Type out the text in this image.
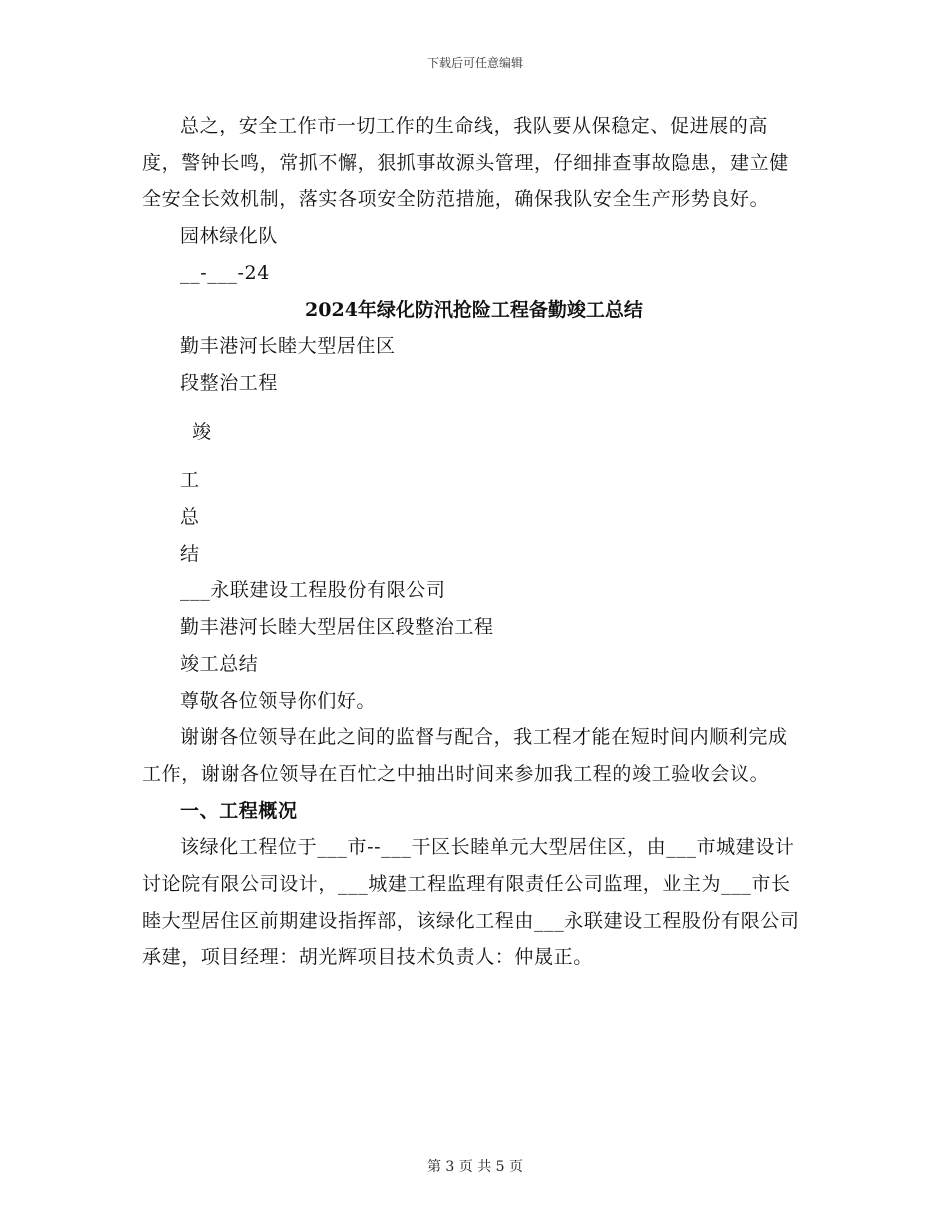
下载后可任意编辑

总之，安全工作市一切工作的生命线，我队要从保稳定、促进展的高度，警钟长鸣，常抓不懈，狠抓事故源头管理，仔细排查事故隐患，建立健全安全长效机制，落实各项安全防范措施，确保我队安全生产形势良好。

园林绿化队

__-___-24

2024年绿化防汛抢险工程备勤竣工总结

勤丰港河长睦大型居住区

段整治工程

竣

工

总

结

___永联建设工程股份有限公司

勤丰港河长睦大型居住区段整治工程

竣工总结

尊敬各位领导你们好。

谢谢各位领导在此之间的监督与配合，我工程才能在短时间内顺利完成工作，谢谢各位领导在百忙之中抽出时间来参加我工程的竣工验收会议。

一、工程概况

该绿化工程位于___市--___干区长睦单元大型居住区，由___市城建设计讨论院有限公司设计，___城建工程监理有限责任公司监理，业主为___市长睦大型居住区前期建设指挥部，该绿化工程由___永联建设工程股份有限公司承建，项目经理：胡光辉项目技术负责人：仲晟正。

第 3 页 共 5 页
